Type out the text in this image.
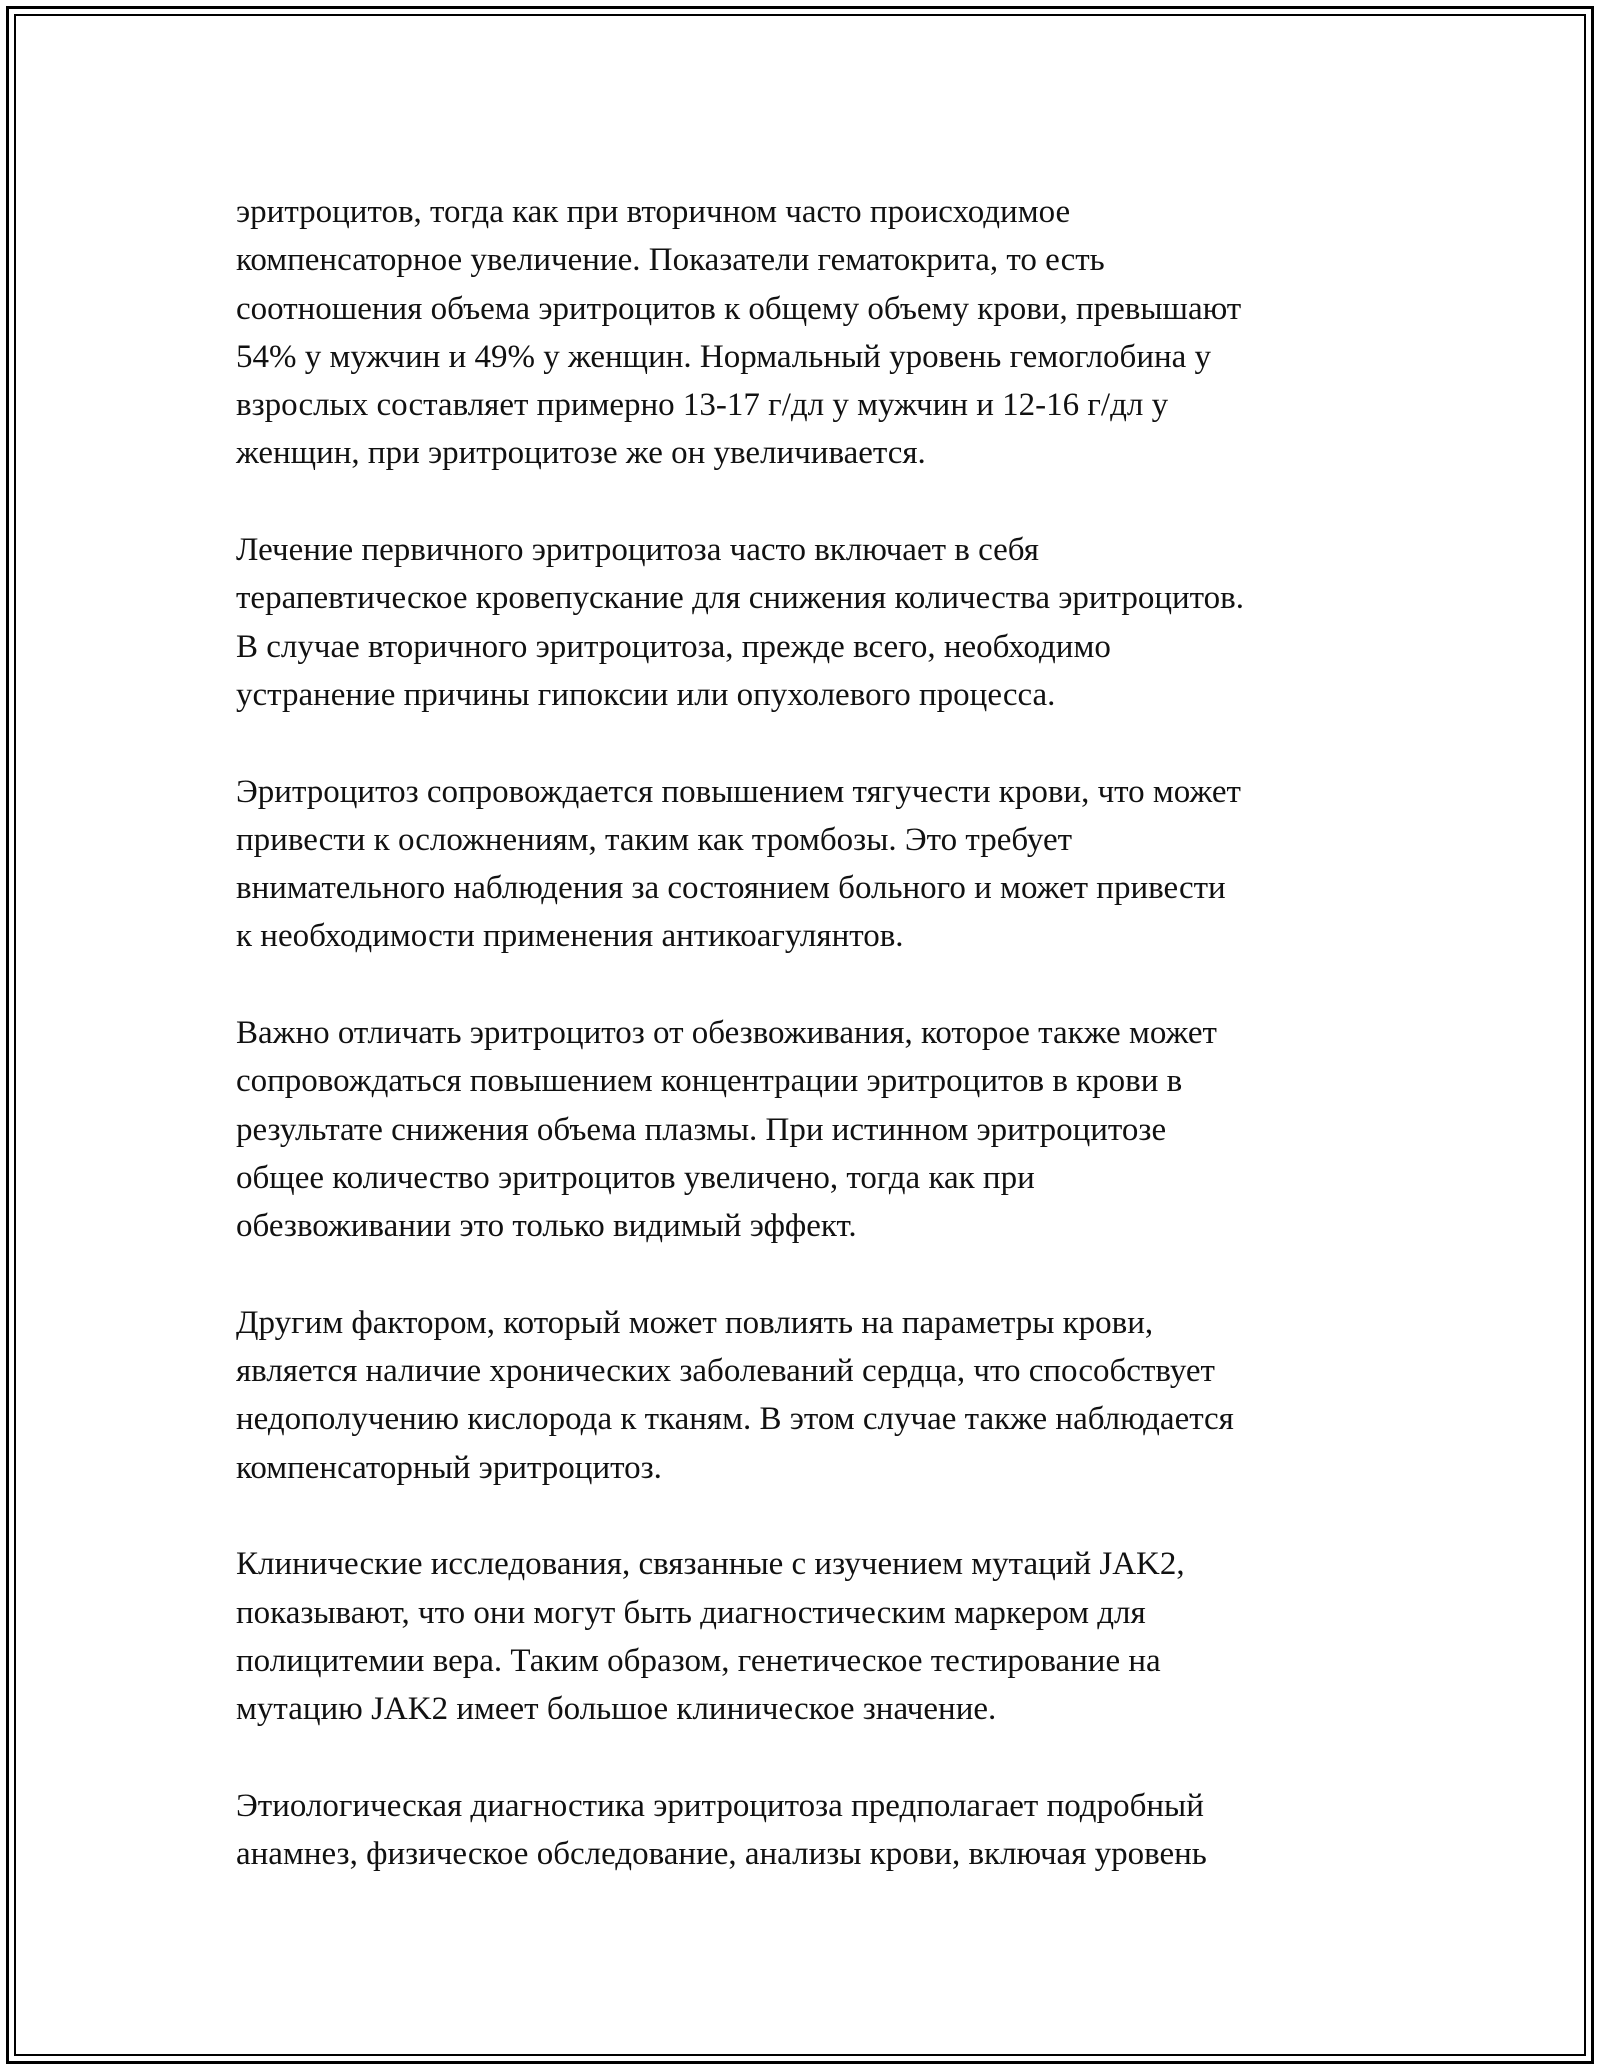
эритроцитов, тогда как при вторичном часто происходимое
компенсаторное увеличение. Показатели гематокрита, то есть
соотношения объема эритроцитов к общему объему крови, превышают
54% у мужчин и 49% у женщин. Нормальный уровень гемоглобина у
взрослых составляет примерно 13-17 г/дл у мужчин и 12-16 г/дл у
женщин, при эритроцитозе же он увеличивается.

Лечение первичного эритроцитоза часто включает в себя
терапевтическое кровепускание для снижения количества эритроцитов.
В случае вторичного эритроцитоза, прежде всего, необходимо
устранение причины гипоксии или опухолевого процесса.

Эритроцитоз сопровождается повышением тягучести крови, что может
привести к осложнениям, таким как тромбозы. Это требует
внимательного наблюдения за состоянием больного и может привести
к необходимости применения антикоагулянтов.

Важно отличать эритроцитоз от обезвоживания, которое также может
сопровождаться повышением концентрации эритроцитов в крови в
результате снижения объема плазмы. При истинном эритроцитозе
общее количество эритроцитов увеличено, тогда как при
обезвоживании это только видимый эффект.

Другим фактором, который может повлиять на параметры крови,
является наличие хронических заболеваний сердца, что способствует
недополучению кислорода к тканям. В этом случае также наблюдается
компенсаторный эритроцитоз.

Клинические исследования, связанные с изучением мутаций JAK2,
показывают, что они могут быть диагностическим маркером для
полицитемии вера. Таким образом, генетическое тестирование на
мутацию JAK2 имеет большое клиническое значение.

Этиологическая диагностика эритроцитоза предполагает подробный
анамнез, физическое обследование, анализы крови, включая уровень
